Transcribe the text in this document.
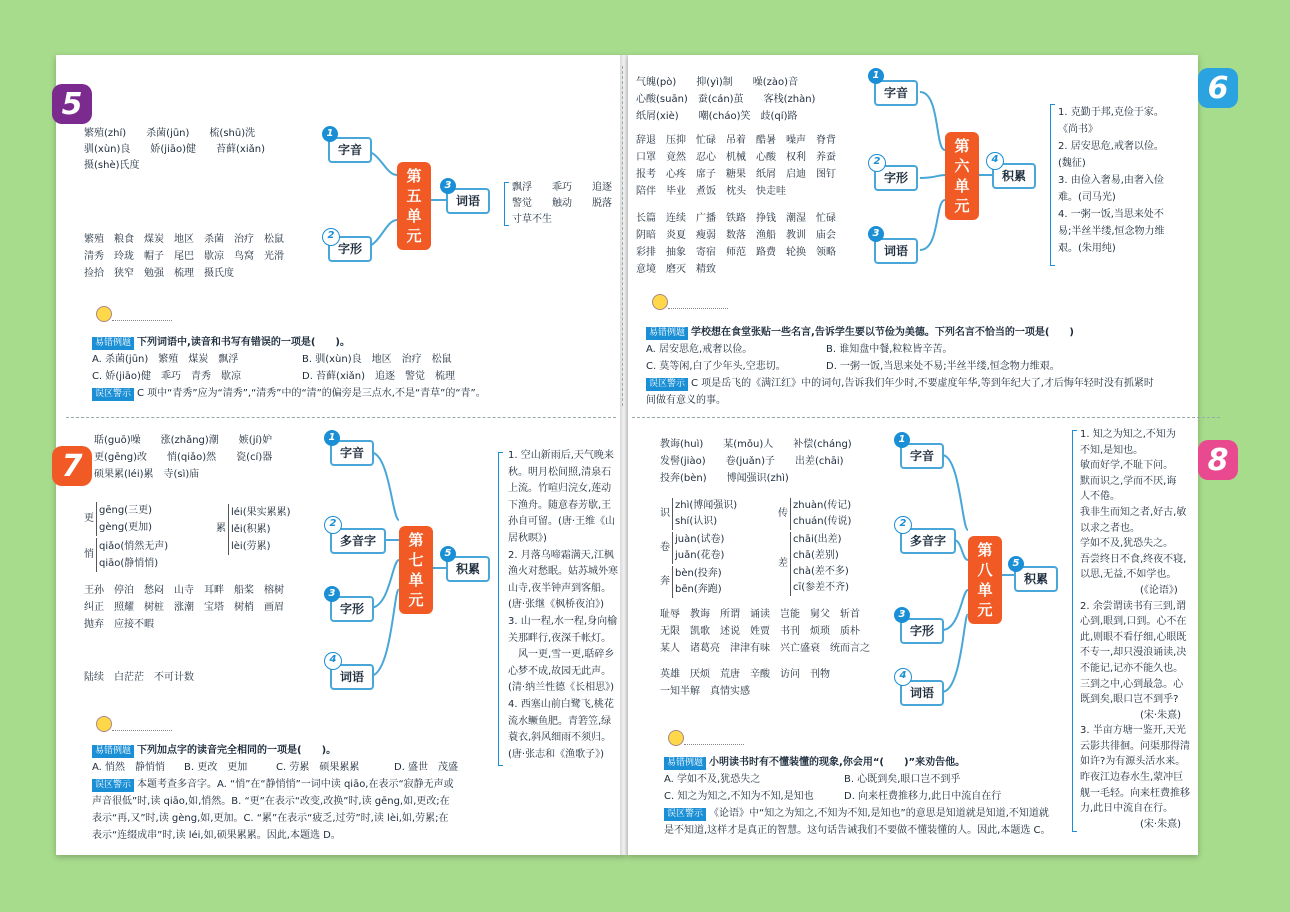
5
繁殖(zhí)　　杀菌(jūn)　　梳(shū)洗
驯(xùn)良　　娇(jiāo)健　　苔藓(xiǎn)
摄(shè)氏度
字音
1
字形
2
第五单元
词语
3	飘浮　　乖巧　　追逐
警觉　　触动　　脱落
寸草不生
繁殖　粮食　煤炭　地区　杀菌　治疗　松鼠
清秀　玲珑　帽子　尾巴　歇凉　鸟窝　光滑
捡拾　狭窄　勉强　梳理　摄氏度
易错例题 下列词语中,读音和书写有错误的一项是(　　)。
A. 杀菌(jūn)　繁殖　煤炭　飘浮	B. 驯(xùn)良　地区　治疗　松鼠
C. 娇(jiāo)健　乖巧　青秀　歇凉	D. 苔藓(xiǎn)　追逐　警觉　梳理
误区警示 C 项中“青秀”应为“清秀”,“清秀”中的“清”的偏旁是三点水,不是“青草”的“青”。
6
气魄(pò)　　抑(yì)制　　噪(zào)音
心酸(suān)　蚕(cán)茧　　客栈(zhàn)
纸屑(xiè)　　嘲(cháo)笑　歧(qí)路
字音
1
辞退　压抑　忙碌　吊着　酷暑　噪声　脊背
口罩　竟然　忍心　机械　心酸　权利　养蚕
报考　心疼　席子　糖果　纸屑　启迪　图钉
陪伴　毕业　煮饭　枕头　快走哇
字形
2
第六单元
积累
4
长篇　连续　广播　铁路　挣钱　潮湿　忙碌
阴暗　炎夏　瘦弱　数落　渔船　教训　庙会
彩排　抽象　寄宿　师范　路费　轮换　领略
意境　磨灭　精致
词语
3
1. 克勤于邦,克俭于家。
《尚书》
2. 居安思危,戒奢以俭。
(魏征)
3. 由俭入奢易,由奢入俭
难。(司马光)
4. 一粥一饭,当思来处不
易;半丝半缕,恒念物力维
艰。(朱用纯)
易错例题 学校想在食堂张贴一些名言,告诉学生要以节俭为美德。下列名言不恰当的一项是(　　)
A. 居安思危,戒奢以俭。	B. 谁知盘中餐,粒粒皆辛苦。
C. 莫等闲,白了少年头,空悲切。	D. 一粥一饭,当思来处不易;半丝半缕,恒念物力维艰。
误区警示 C 项是岳飞的《满江红》中的词句,告诉我们年少时,不要虚度年华,等到年纪大了,才后悔年轻时没有抓紧时
间做有意义的事。
7
聒(guō)噪　　涨(zhǎng)潮　　嫉(jí)妒
更(gēng)改　　悄(qiǎo)然　　瓷(cí)器
硕果累(léi)累　寺(sì)庙
字音
1
更
gēng(三更)
gèng(更加)
悄
qiǎo(悄然无声)
qiāo(静悄悄)
累
léi(果实累累)
lěi(积累)
lèi(劳累)	多音字
2
第七单元
积累
5
王孙　停泊　愁闷　山寺　耳畔　船桨　榕树
纠正　照耀　树桩　涨潮　宝塔　树梢　画眉
抛弃　应接不暇
字形
3
陆续　白茫茫　不可计数	词语
4
1. 空山新雨后,天气晚来
秋。明月松间照,清泉石
上流。竹喧归浣女,莲动
下渔舟。随意春芳歇,王
孙自可留。(唐·王维《山
居秋暝》)
2. 月落乌啼霜满天,江枫
渔火对愁眠。姑苏城外寒
山寺,夜半钟声到客船。
(唐·张继《枫桥夜泊》)
3. 山一程,水一程,身向榆
关那畔行,夜深千帐灯。
　风一更,雪一更,聒碎乡
心梦不成,故园无此声。
(清·纳兰性德《长相思》)
4. 西塞山前白鹭飞,桃花
流水鳜鱼肥。青箬笠,绿
蓑衣,斜风细雨不须归。
(唐·张志和《渔歌子》)
易错例题 下列加点字的读音完全相同的一项是(　　)。
A. 悄然　静悄悄	B. 更改　更加	C. 劳累　硕果累累	D. 盛世　茂盛
误区警示 本题考查多音字。A. “悄”在“静悄悄”一词中读 qiāo,在表示“寂静无声或
声音很低”时,读 qiāo,如,悄然。B. “更”在表示“改变,改换”时,读 gēng,如,更改;在
表示“再,又”时,读 gèng,如,更加。C. “累”在表示“疲乏,过劳”时,读 lèi,如,劳累;在
表示“连缀成串”时,读 léi,如,硕果累累。因此,本题选 D。
8
教诲(huì)　　某(mǒu)人　　补偿(cháng)
发髻(jiào)　　卷(juǎn)子　　出差(chāi)
投奔(bèn)　　博闻强识(zhì)
字音
1
识
zhì(博闻强识)
shí(认识)
卷
juàn(试卷)
juǎn(花卷)
奔
bèn(投奔)
bēn(奔跑)
传
zhuàn(传记)
chuán(传说)
差
chāi(出差)
chā(差别)
chà(差不多)
cī(参差不齐)
多音字
2
第八单元
积累
5
耻辱　教诲　所谓　诵读　岂能　舅父　斩首
无限　凯歌　述说　姓贾　书刊　烦琐　质朴
某人　诸葛亮　津津有味　兴亡盛衰　统而言之
字形
3
英雄　厌烦　荒唐　辛酸　访问　刊物
一知半解　真情实感	词语
4
1. 知之为知之,不知为
不知,是知也。
敏而好学,不耻下问。
默而识之,学而不厌,诲
人不倦。
我非生而知之者,好古,敏
以求之者也。
学如不及,犹恐失之。
吾尝终日不食,终夜不寝,
以思,无益,不如学也。
　　　　　　(《论语》)
2. 余尝谓读书有三到,谓
心到,眼到,口到。心不在
此,则眼不看仔细,心眼既
不专一,却只漫浪诵读,决
不能记,记亦不能久也。
三到之中,心到最急。心
既到矣,眼口岂不到乎?
　　　　　　(宋·朱熹)
3. 半亩方塘一鉴开,天光
云影共徘徊。问渠那得清
如许?为有源头活水来。
昨夜江边春水生,蒙冲巨
舰一毛轻。向来枉费推移
力,此日中流自在行。
　　　　　　(宋·朱熹)
易错例题 小明读书时有不懂装懂的现象,你会用“(　　)”来劝告他。
A. 学如不及,犹恐失之	B. 心既到矣,眼口岂不到乎
C. 知之为知之,不知为不知,是知也	D. 向来枉费推移力,此日中流自在行
误区警示 《论语》中“知之为知之,不知为不知,是知也”的意思是知道就是知道,不知道就
是不知道,这样才是真正的智慧。这句话告诫我们不要做不懂装懂的人。因此,本题选 C。
